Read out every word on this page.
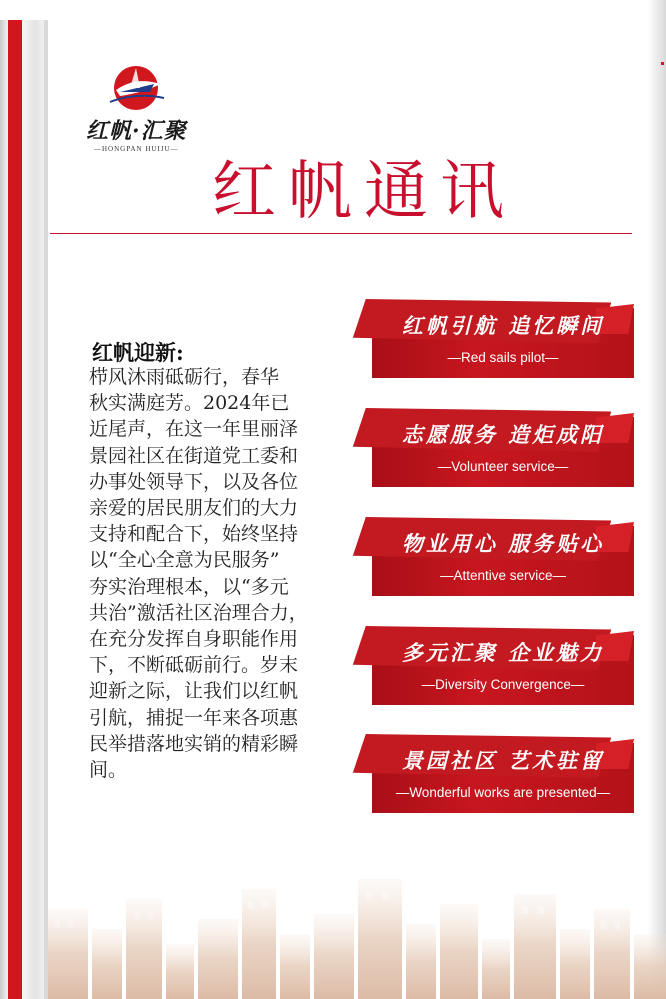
红帆·汇聚
—HONGPAN HUIJU—
红帆通讯
红帆迎新:
栉风沐雨砥砺行，春华
秋实满庭芳。2024年已
近尾声，在这一年里丽泽
景园社区在街道党工委和
办事处领导下，以及各位
亲爱的居民朋友们的大力
支持和配合下，始终坚持
以“全心全意为民服务”
夯实治理根本，以“多元
共治”激活社区治理合力，
在充分发挥自身职能作用
下，不断砥砺前行。岁末
迎新之际，让我们以红帆
引航，捕捉一年来各项惠
民举措落地实销的精彩瞬
间。
红帆引航 追忆瞬间
—Red sails pilot—
志愿服务 造炬成阳
—Volunteer service—
物业用心 服务贴心
—Attentive service—
多元汇聚 企业魅力
—Diversity Convergence—
景园社区 艺术驻留
—Wonderful works are presented—
